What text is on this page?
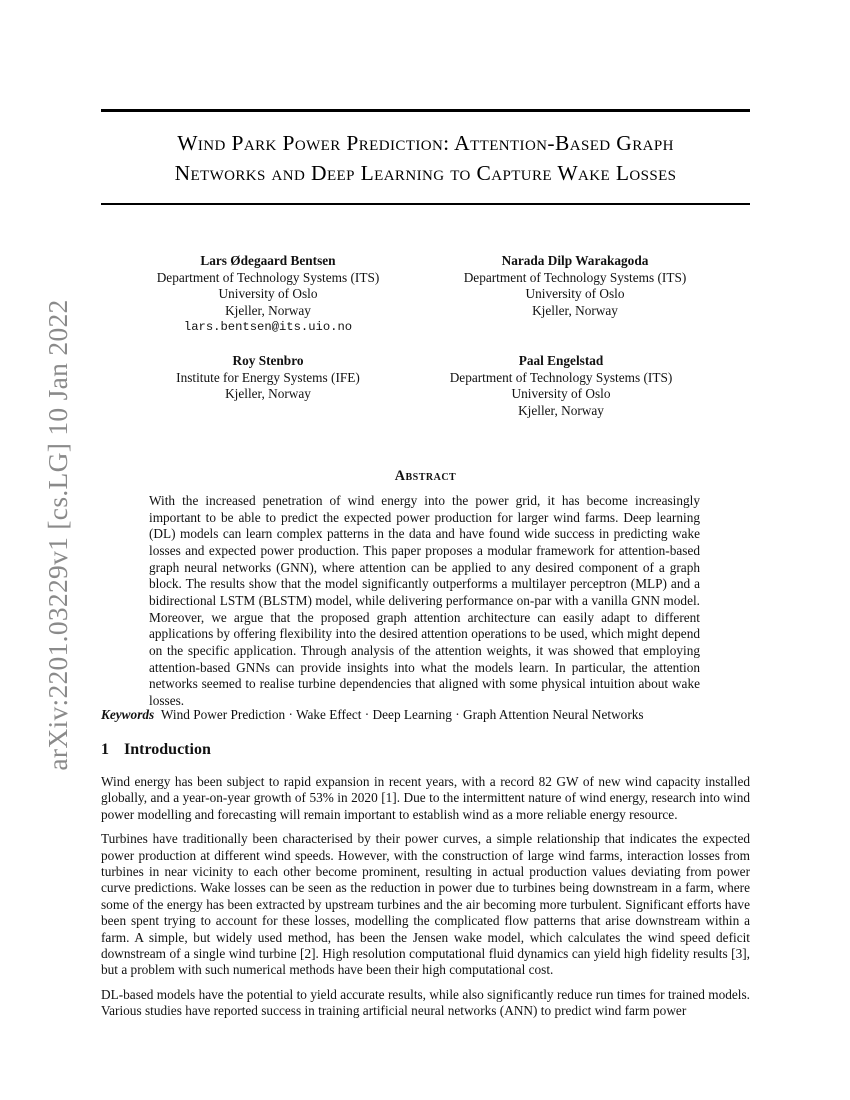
arXiv:2201.03229v1 [cs.LG] 10 Jan 2022
Wind Park Power Prediction: Attention-Based Graph
Networks and Deep Learning to Capture Wake Losses
Lars Ødegaard Bentsen
Department of Technology Systems (ITS)
University of Oslo
Kjeller, Norway
lars.bentsen@its.uio.no
Narada Dilp Warakagoda
Department of Technology Systems (ITS)
University of Oslo
Kjeller, Norway
Roy Stenbro
Institute for Energy Systems (IFE)
Kjeller, Norway
Paal Engelstad
Department of Technology Systems (ITS)
University of Oslo
Kjeller, Norway
Abstract
With the increased penetration of wind energy into the power grid, it has become increasingly important to be able to predict the expected power production for larger wind farms. Deep learning (DL) models can learn complex patterns in the data and have found wide success in predicting wake losses and expected power production. This paper proposes a modular framework for attention-based graph neural networks (GNN), where attention can be applied to any desired component of a graph block. The results show that the model significantly outperforms a multilayer perceptron (MLP) and a bidirectional LSTM (BLSTM) model, while delivering performance on-par with a vanilla GNN model. Moreover, we argue that the proposed graph attention architecture can easily adapt to different applications by offering flexibility into the desired attention operations to be used, which might depend on the specific application. Through analysis of the attention weights, it was showed that employing attention-based GNNs can provide insights into what the models learn. In particular, the attention networks seemed to realise turbine dependencies that aligned with some physical intuition about wake losses.
Keywords Wind Power Prediction · Wake Effect · Deep Learning · Graph Attention Neural Networks
1 Introduction

Wind energy has been subject to rapid expansion in recent years, with a record 82 GW of new wind capacity installed globally, and a year-on-year growth of 53% in 2020 [1]. Due to the intermittent nature of wind energy, research into wind power modelling and forecasting will remain important to establish wind as a more reliable energy resource.

Turbines have traditionally been characterised by their power curves, a simple relationship that indicates the expected power production at different wind speeds. However, with the construction of large wind farms, interaction losses from turbines in near vicinity to each other become prominent, resulting in actual production values deviating from power curve predictions. Wake losses can be seen as the reduction in power due to turbines being downstream in a farm, where some of the energy has been extracted by upstream turbines and the air becoming more turbulent. Significant efforts have been spent trying to account for these losses, modelling the complicated flow patterns that arise downstream within a farm. A simple, but widely used method, has been the Jensen wake model, which calculates the wind speed deficit downstream of a single wind turbine [2]. High resolution computational fluid dynamics can yield high fidelity results [3], but a problem with such numerical methods have been their high computational cost.

DL-based models have the potential to yield accurate results, while also significantly reduce run times for trained models. Various studies have reported success in training artificial neural networks (ANN) to predict wind farm power
